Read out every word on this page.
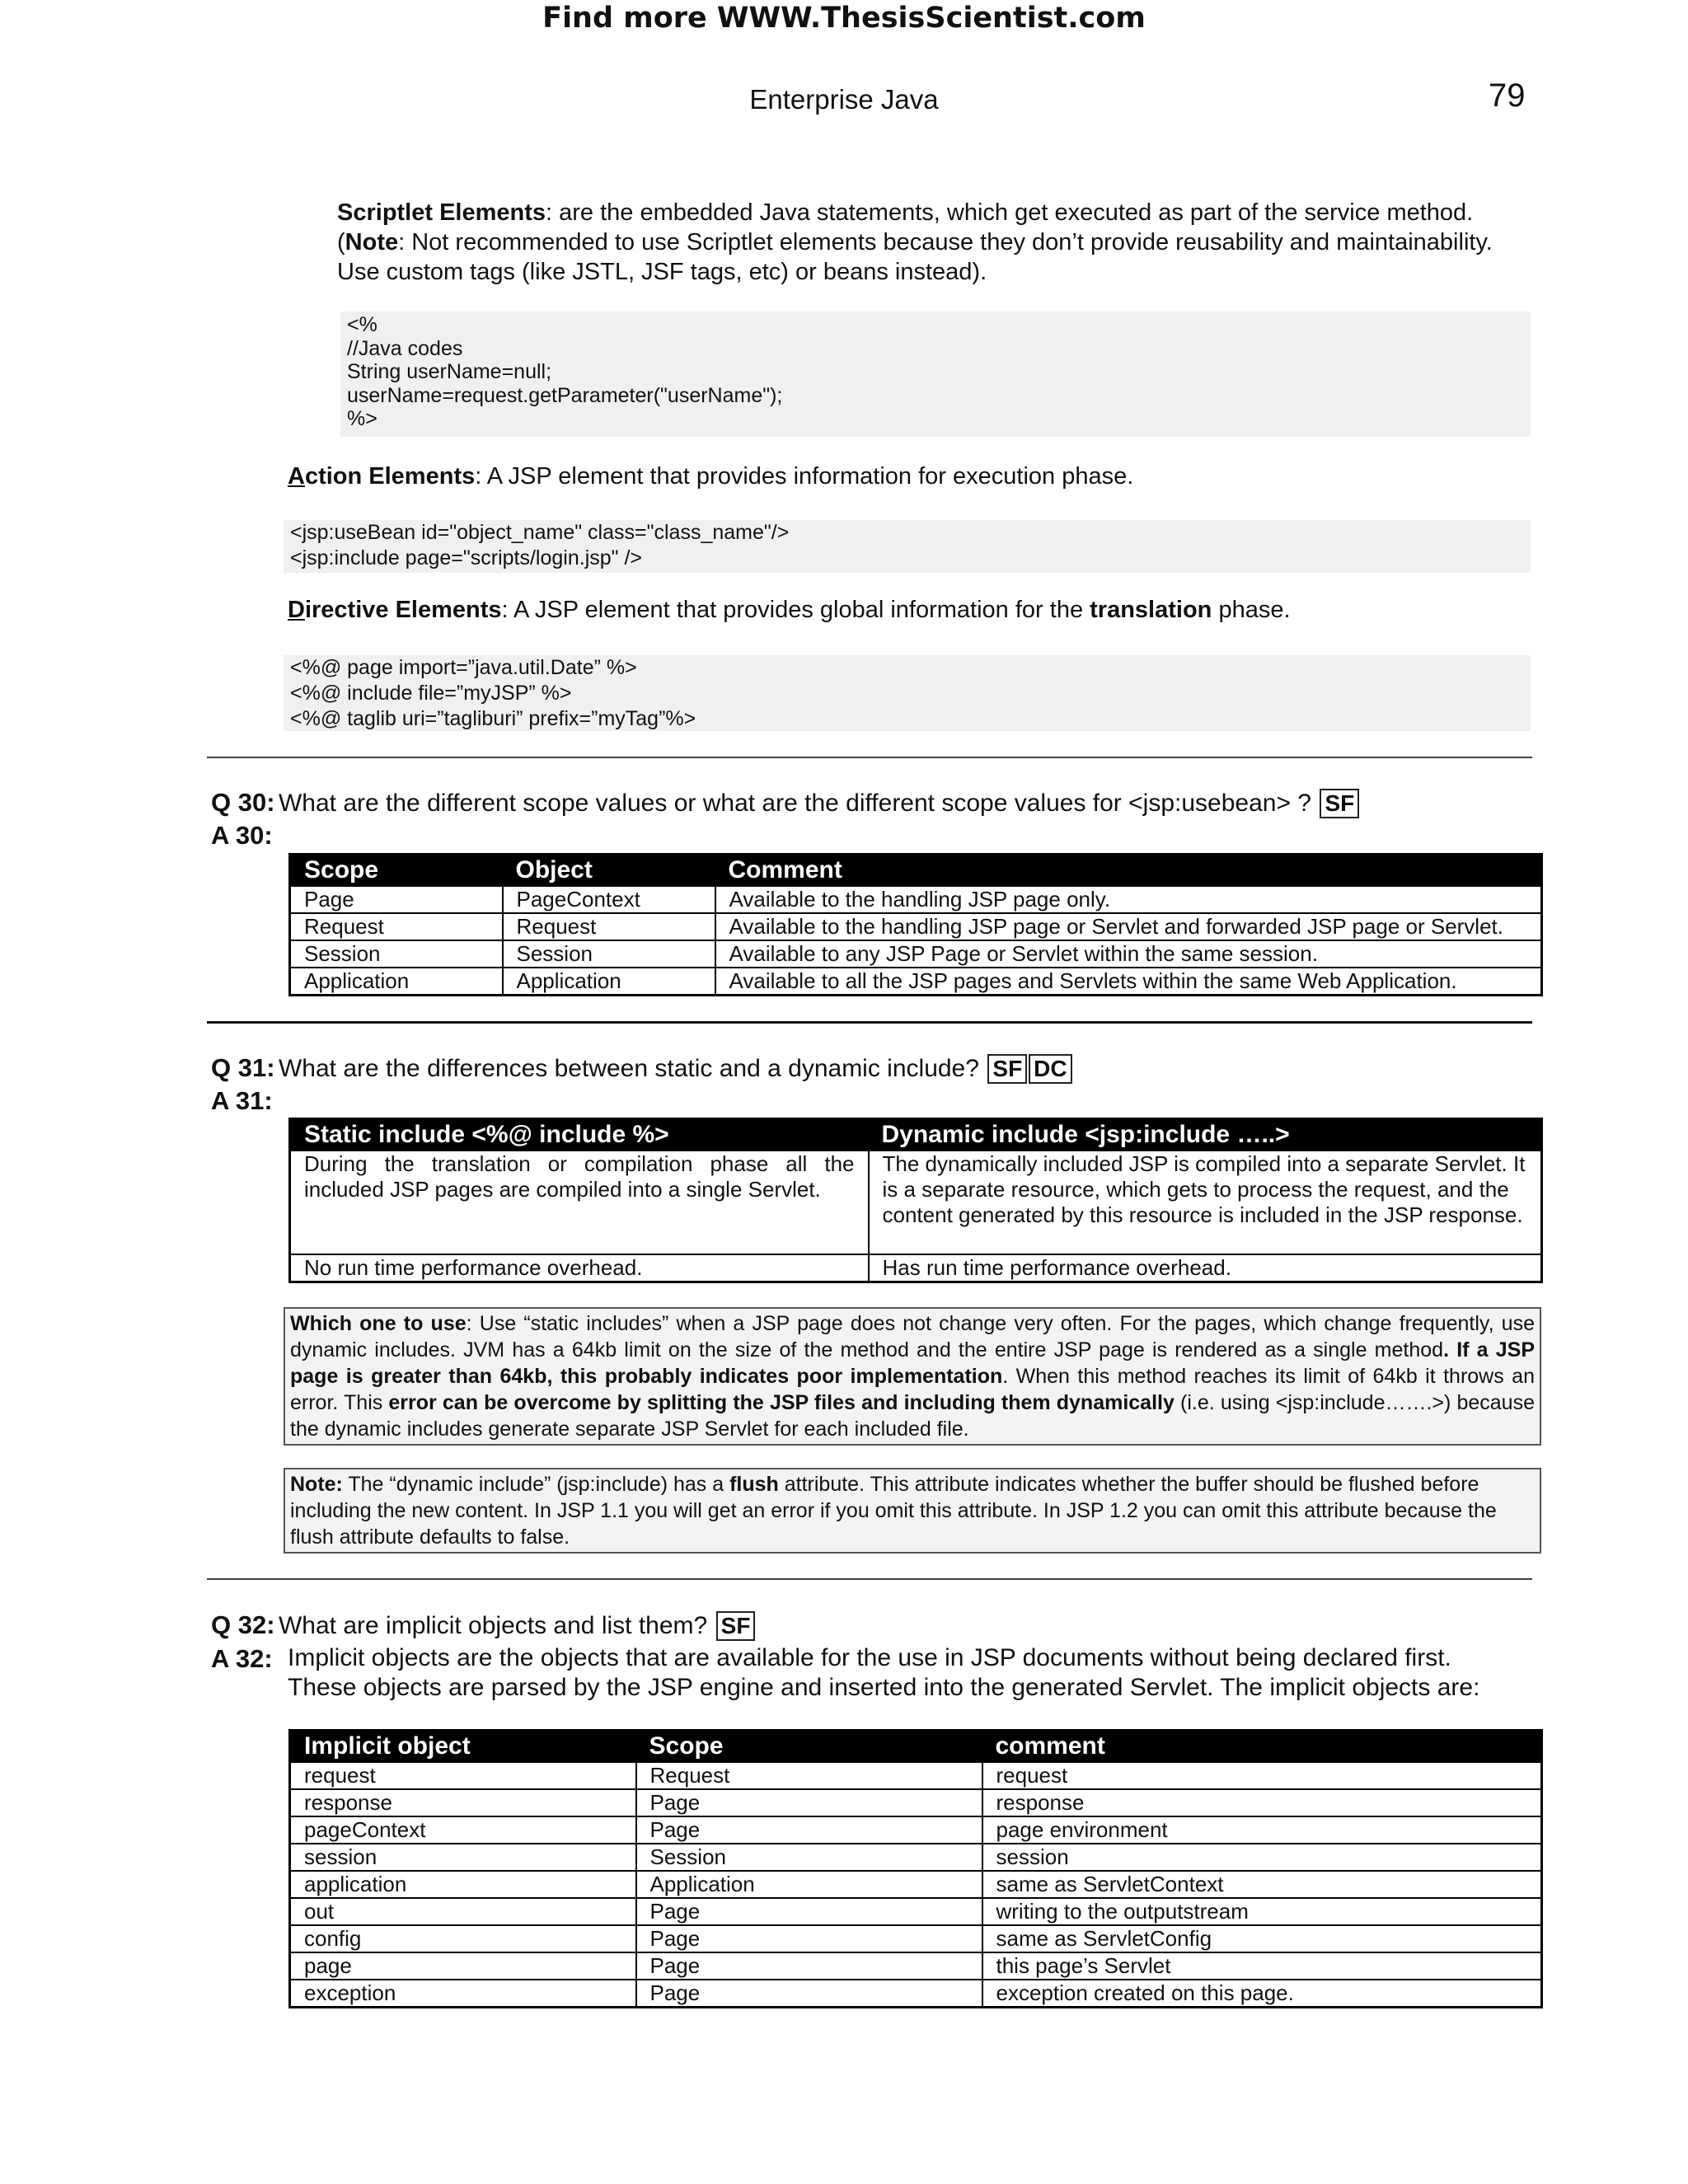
Find more WWW.ThesisScientist.com
Enterprise Java	79
Scriptlet Elements: are the embedded Java statements, which get executed as part of the service method.
(Note: Not recommended to use Scriptlet elements because they don’t provide reusability and maintainability.
Use custom tags (like JSTL, JSF tags, etc) or beans instead).
<%
//Java codes
String userName=null;
userName=request.getParameter("userName");
%>
Action Elements: A JSP element that provides information for execution phase.
<jsp:useBean id="object_name" class="class_name"/>
<jsp:include page="scripts/login.jsp" />
Directive Elements: A JSP element that provides global information for the translation phase.
<%@ page import=”java.util.Date” %>
<%@ include file=”myJSP” %>
<%@ taglib uri=”tagliburi” prefix=”myTag”%>
Q 30: What are the different scope values or what are the different scope values for <jsp:usebean> ? SF
A 30:
Scope	Object	Comment
Page	PageContext	Available to the handling JSP page only.
Request	Request	Available to the handling JSP page or Servlet and forwarded JSP page or Servlet.
Session	Session	Available to any JSP Page or Servlet within the same session.
Application	Application	Available to all the JSP pages and Servlets within the same Web Application.
Q 31: What are the differences between static and a dynamic include? SF DC
A 31:
Static include <%@ include %>	Dynamic include <jsp:include …..>
During the translation or compilation phase all the included JSP pages are compiled into a single Servlet.	The dynamically included JSP is compiled into a separate Servlet. It is a separate resource, which gets to process the request, and the content generated by this resource is included in the JSP response.
No run time performance overhead.	Has run time performance overhead.
Which one to use: Use “static includes” when a JSP page does not change very often. For the pages, which change frequently, use dynamic includes. JVM has a 64kb limit on the size of the method and the entire JSP page is rendered as a single method. If a JSP page is greater than 64kb, this probably indicates poor implementation. When this method reaches its limit of 64kb it throws an error. This error can be overcome by splitting the JSP files and including them dynamically (i.e. using <jsp:include…….>) because the dynamic includes generate separate JSP Servlet for each included file.
Note: The “dynamic include” (jsp:include) has a flush attribute. This attribute indicates whether the buffer should be flushed before including the new content. In JSP 1.1 you will get an error if you omit this attribute. In JSP 1.2 you can omit this attribute because the flush attribute defaults to false.
Q 32: What are implicit objects and list them? SF
A 32: Implicit objects are the objects that are available for the use in JSP documents without being declared first. These objects are parsed by the JSP engine and inserted into the generated Servlet. The implicit objects are:
Implicit object	Scope	comment
request	Request	request
response	Page	response
pageContext	Page	page environment
session	Session	session
application	Application	same as ServletContext
out	Page	writing to the outputstream
config	Page	same as ServletConfig
page	Page	this page’s Servlet
exception	Page	exception created on this page.
